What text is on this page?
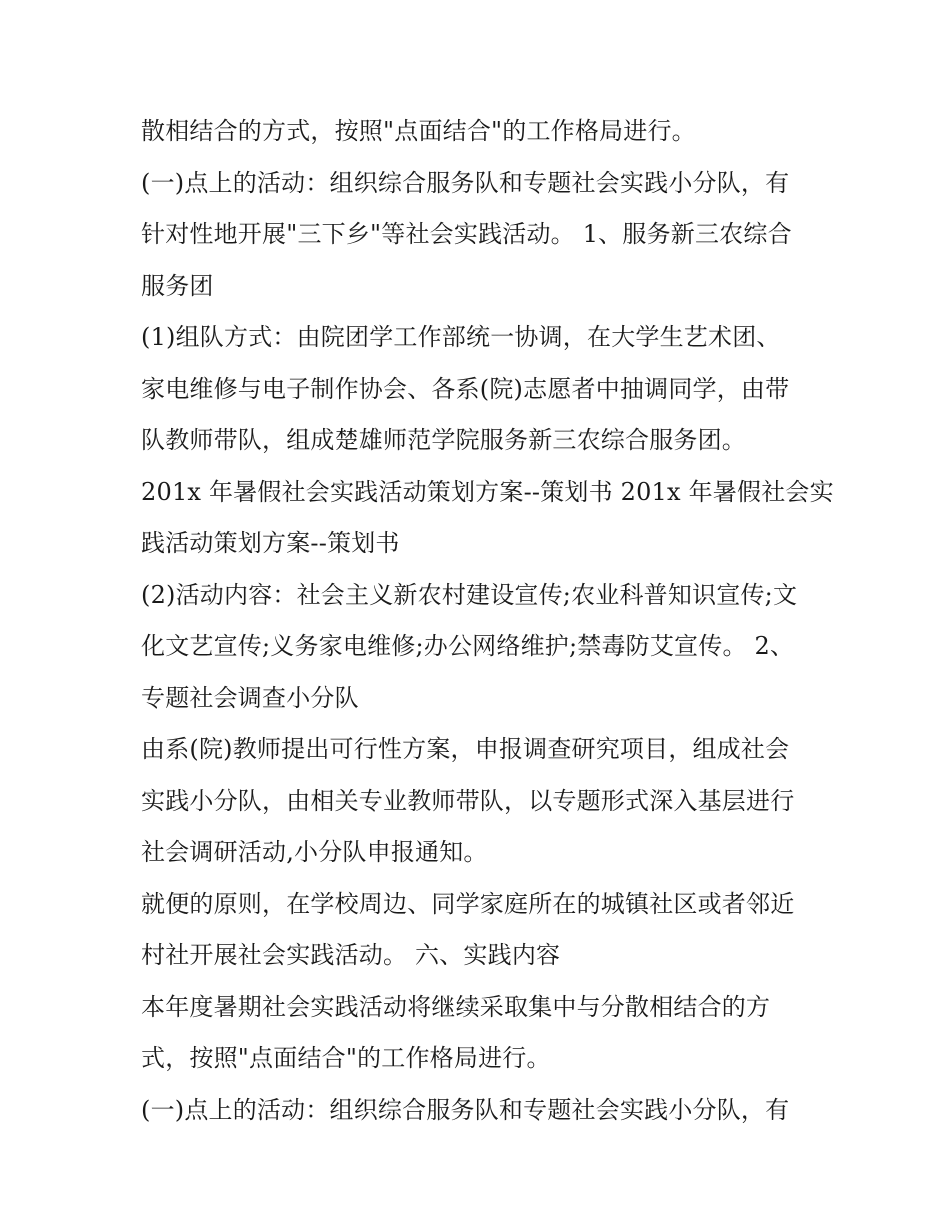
散相结合的方式，按照"点面结合"的工作格局进行。
(一)点上的活动：组织综合服务队和专题社会实践小分队，有
针对性地开展"三下乡"等社会实践活动。 1、服务新三农综合
服务团
(1)组队方式：由院团学工作部统一协调，在大学生艺术团、
家电维修与电子制作协会、各系(院)志愿者中抽调同学，由带
队教师带队，组成楚雄师范学院服务新三农综合服务团。
201x 年暑假社会实践活动策划方案--策划书 201x 年暑假社会实
践活动策划方案--策划书
(2)活动内容：社会主义新农村建设宣传;农业科普知识宣传;文
化文艺宣传;义务家电维修;办公网络维护;禁毒防艾宣传。 2、
专题社会调查小分队
由系(院)教师提出可行性方案，申报调查研究项目，组成社会
实践小分队，由相关专业教师带队，以专题形式深入基层进行
社会调研活动,小分队申报通知。
就便的原则，在学校周边、同学家庭所在的城镇社区或者邻近
村社开展社会实践活动。 六、实践内容
本年度暑期社会实践活动将继续采取集中与分散相结合的方
式，按照"点面结合"的工作格局进行。
(一)点上的活动：组织综合服务队和专题社会实践小分队，有
